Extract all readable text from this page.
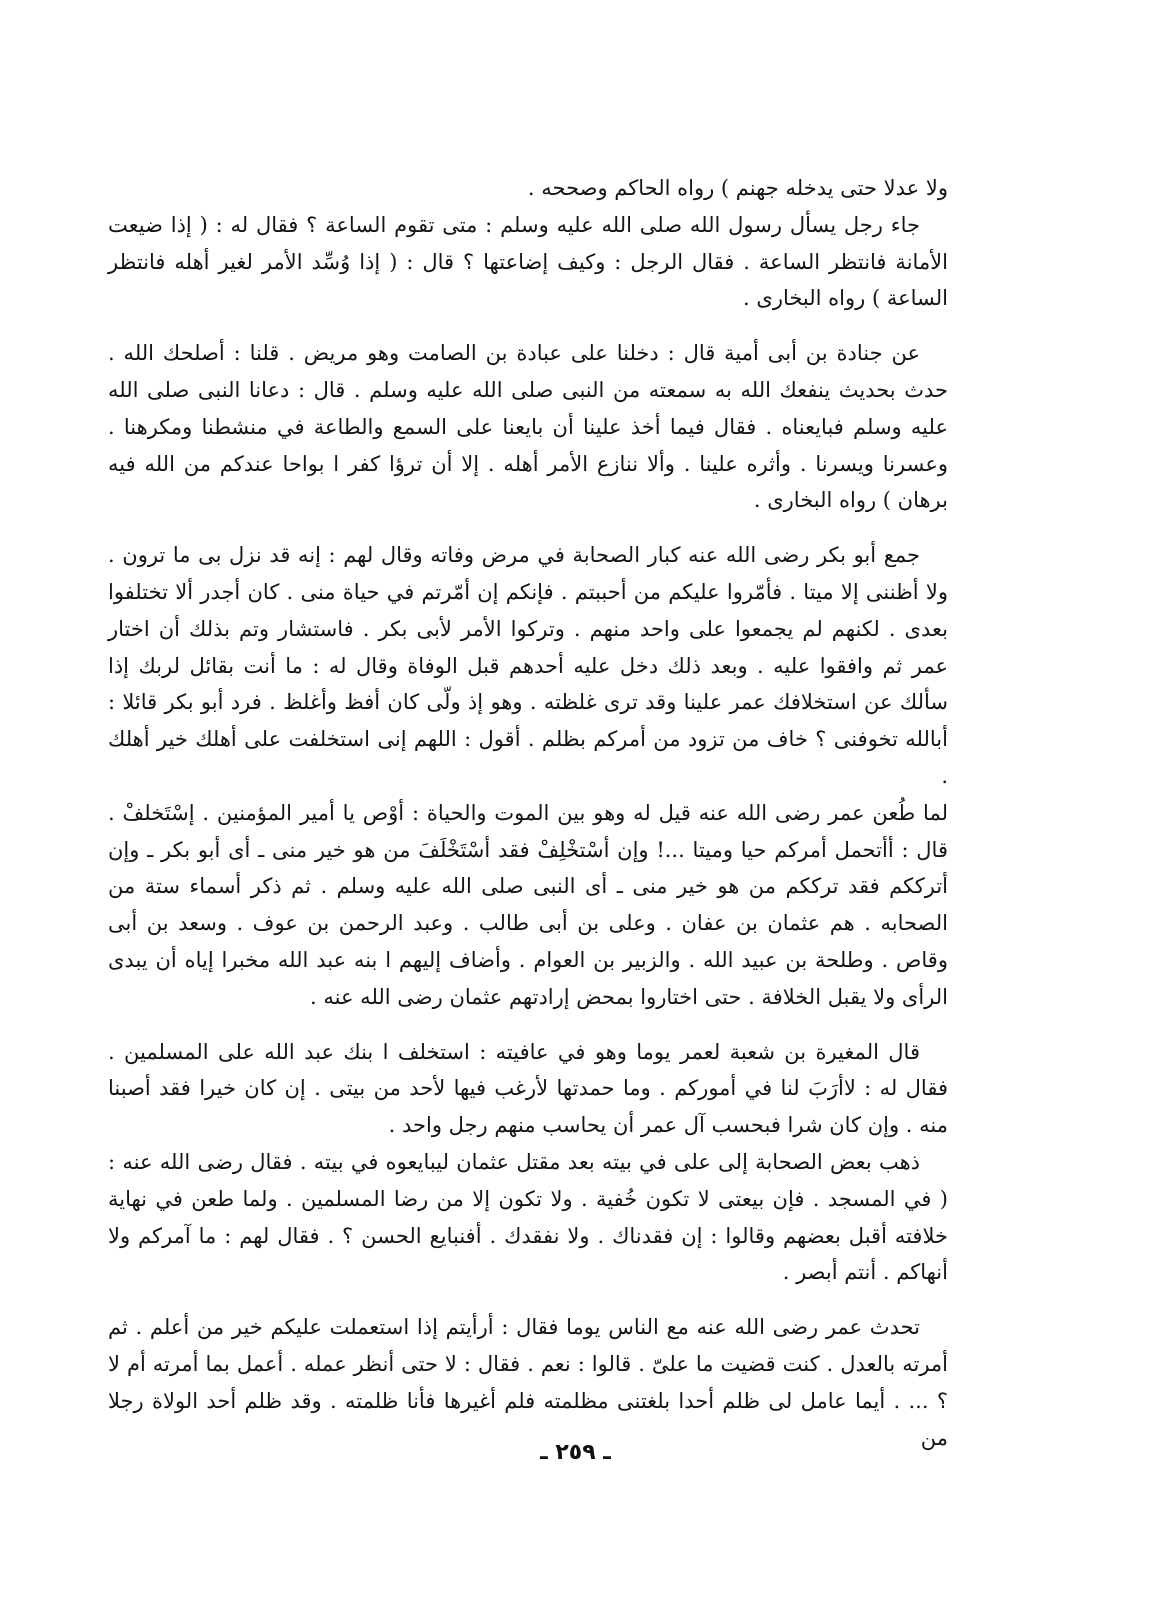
ولا عدلا حتى يدخله جهنم ) رواه الحاكم وصححه .

جاء رجل يسأل رسول الله صلى الله عليه وسلم : متى تقوم الساعة ؟ فقال له : ( إذا ضيعت الأمانة فانتظر الساعة . فقال الرجل : وكيف إضاعتها ؟ قال : ( إذا وُسِّد الأمر لغير أهله فانتظر الساعة ) رواه البخارى .

عن جنادة بن أبى أمية قال : دخلنا على عبادة بن الصامت وهو مريض . قلنا : أصلحك الله . حدث بحديث ينفعك الله به سمعته من النبى صلى الله عليه وسلم . قال : دعانا النبى صلى الله عليه وسلم فبايعناه . فقال فيما أخذ علينا أن بايعنا على السمع والطاعة في منشطنا ومكرهنا . وعسرنا ويسرنا . وأثره علينا . وألا ننازع الأمر أهله . إلا أن ترؤا كفر ا بواحا عندكم من الله فيه برهان ) رواه البخارى .

جمع أبو بكر رضى الله عنه كبار الصحابة في مرض وفاته وقال لهم : إنه قد نزل بى ما ترون . ولا أظننى إلا ميتا . فأمّروا عليكم من أحببتم . فإنكم إن أمّرتم في حياة منى . كان أجدر ألا تختلفوا بعدى . لكنهم لم يجمعوا على واحد منهم . وتركوا الأمر لأبى بكر . فاستشار وتم بذلك أن اختار عمر ثم وافقوا عليه . وبعد ذلك دخل عليه أحدهم قبل الوفاة وقال له : ما أنت بقائل لربك إذا سألك عن استخلافك عمر علينا وقد ترى غلظته . وهو إذ ولّى كان أفظ وأغلظ . فرد أبو بكر قائلا : أبالله تخوفنى ؟ خاف من تزود من أمركم بظلم . أقول : اللهم إنى استخلفت على أهلك خير أهلك .

لما طُعن عمر رضى الله عنه قيل له وهو بين الموت والحياة : أوْص يا أمير المؤمنين . إسْتَخلفْ . قال : أأتحمل أمركم حيا وميتا ...! وإن أسْتخْلِفْ فقد أسْتَخْلَفَ من هو خير منى ـ أى أبو بكر ـ وإن أترككم فقد ترككم من هو خير منى ـ أى النبى صلى الله عليه وسلم . ثم ذكر أسماء ستة من الصحابه . هم عثمان بن عفان . وعلى بن أبى طالب . وعبد الرحمن بن عوف . وسعد بن أبى وقاص . وطلحة بن عبيد الله . والزبير بن العوام . وأضاف إليهم ا بنه عبد الله مخبرا إياه أن يبدى الرأى ولا يقبل الخلافة . حتى اختاروا بمحض إرادتهم عثمان رضى الله عنه .

قال المغيرة بن شعبة لعمر يوما وهو في عافيته : استخلف ا بنك عبد الله على المسلمين . فقال له : لاأرَبَ لنا في أموركم . وما حمدتها لأرغب فيها لأحد من بيتى . إن كان خيرا فقد أصبنا منه . وإن كان شرا فبحسب آل عمر أن يحاسب منهم رجل واحد .

ذهب بعض الصحابة إلى على في بيته بعد مقتل عثمان ليبايعوه في بيته . فقال رضى الله عنه : ( في المسجد . فإن بيعتى لا تكون خُفية . ولا تكون إلا من رضا المسلمين . ولما طعن في نهاية خلافته أقبل بعضهم وقالوا : إن فقدناك . ولا نفقدك . أفنبايع الحسن ؟ . فقال لهم : ما آمركم ولا أنهاكم . أنتم أبصر .

تحدث عمر رضى الله عنه مع الناس يوما فقال : أرأيتم إذا استعملت عليكم خير من أعلم . ثم أمرته بالعدل . كنت قضيت ما علىّ . قالوا : نعم . فقال : لا حتى أنظر عمله . أعمل بما أمرته أم لا ؟ ... . أيما عامل لى ظلم أحدا بلغتنى مظلمته فلم أغيرها فأنا ظلمته . وقد ظلم أحد الولاة رجلا من

ـ ٢٥٩ ـ
